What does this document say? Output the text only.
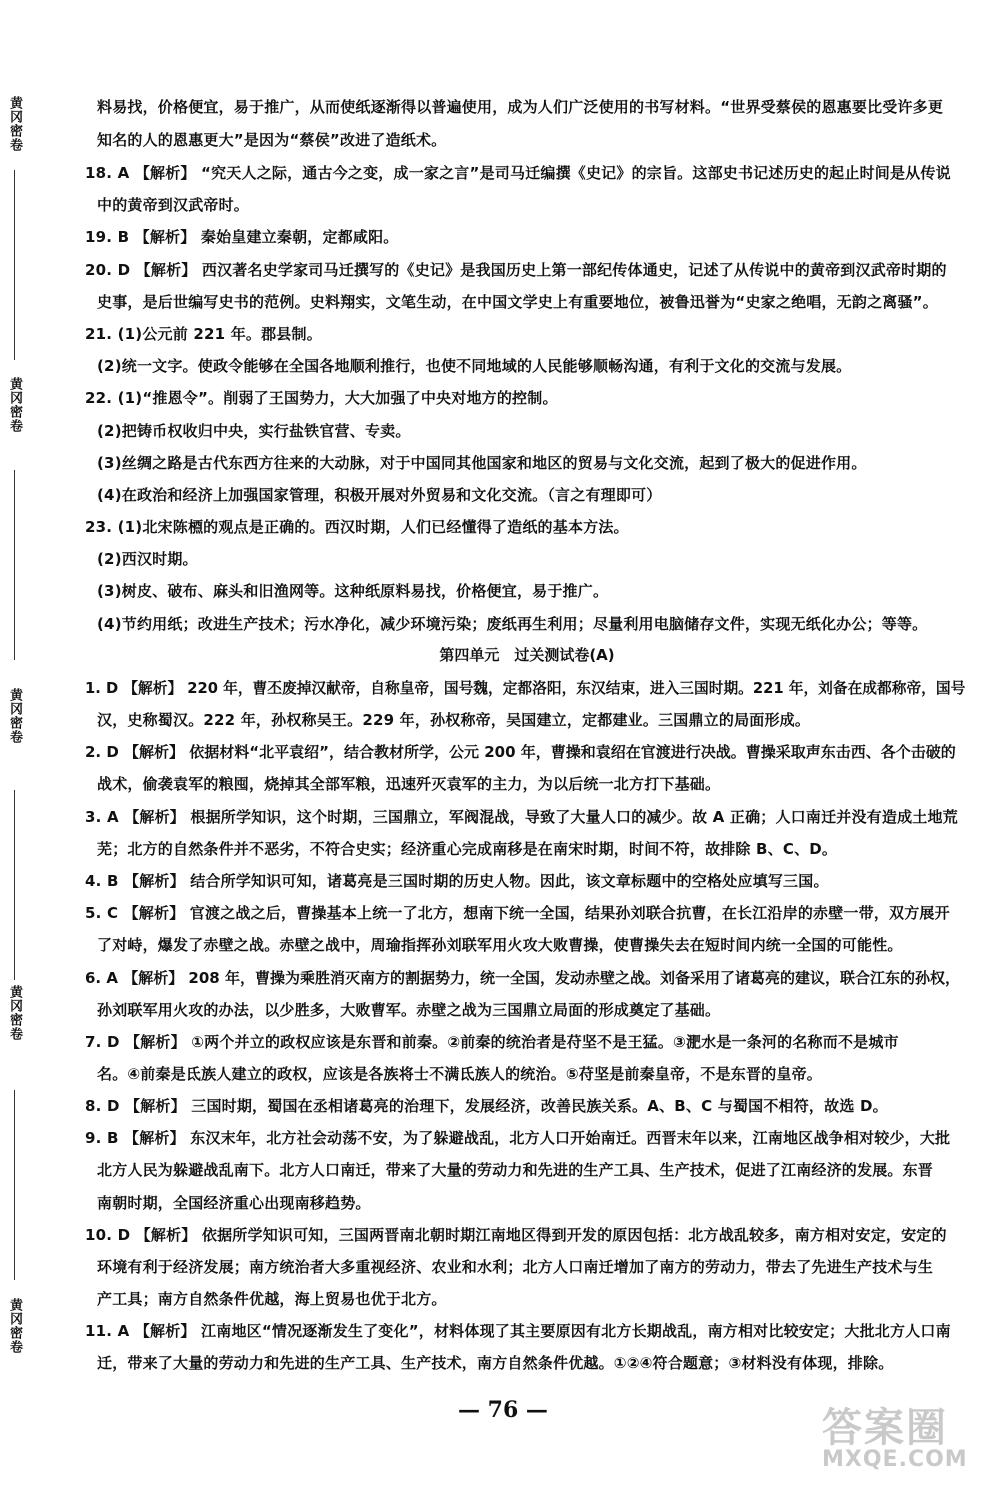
黄冈密卷
黄冈密卷
黄冈密卷
黄冈密卷
黄冈密卷
料易找，价格便宜，易于推广，从而使纸逐渐得以普遍使用，成为人们广泛使用的书写材料。“世界受蔡侯的恩惠要比受许多更
知名的人的恩惠更大”是因为“蔡侯”改进了造纸术。
18. A 【解析】 “究天人之际，通古今之变，成一家之言”是司马迁编撰《史记》的宗旨。这部史书记述历史的起止时间是从传说
中的黄帝到汉武帝时。
19. B 【解析】 秦始皇建立秦朝，定都咸阳。
20. D 【解析】 西汉著名史学家司马迁撰写的《史记》是我国历史上第一部纪传体通史，记述了从传说中的黄帝到汉武帝时期的
史事，是后世编写史书的范例。史料翔实，文笔生动，在中国文学史上有重要地位，被鲁迅誉为“史家之绝唱，无韵之离骚”。
21. (1)公元前 221 年。郡县制。
(2)统一文字。使政令能够在全国各地顺利推行，也使不同地域的人民能够顺畅沟通，有利于文化的交流与发展。
22. (1)“推恩令”。削弱了王国势力，大大加强了中央对地方的控制。
(2)把铸币权收归中央，实行盐铁官营、专卖。
(3)丝绸之路是古代东西方往来的大动脉，对于中国同其他国家和地区的贸易与文化交流，起到了极大的促进作用。
(4)在政治和经济上加强国家管理，积极开展对外贸易和文化交流。（言之有理即可）
23. (1)北宋陈槱的观点是正确的。西汉时期，人们已经懂得了造纸的基本方法。
(2)西汉时期。
(3)树皮、破布、麻头和旧渔网等。这种纸原料易找，价格便宜，易于推广。
(4)节约用纸；改进生产技术；污水净化，减少环境污染；废纸再生利用；尽量利用电脑储存文件，实现无纸化办公；等等。
第四单元　过关测试卷(A)
1. D 【解析】 220 年，曹丕废掉汉献帝，自称皇帝，国号魏，定都洛阳，东汉结束，进入三国时期。221 年，刘备在成都称帝，国号
汉，史称蜀汉。222 年，孙权称吴王。229 年，孙权称帝，吴国建立，定都建业。三国鼎立的局面形成。
2. D 【解析】 依据材料“北平袁绍”，结合教材所学，公元 200 年，曹操和袁绍在官渡进行决战。曹操采取声东击西、各个击破的
战术，偷袭袁军的粮囤，烧掉其全部军粮，迅速歼灭袁军的主力，为以后统一北方打下基础。
3. A 【解析】 根据所学知识，这个时期，三国鼎立，军阀混战，导致了大量人口的减少。故 A 正确；人口南迁并没有造成土地荒
芜；北方的自然条件并不恶劣，不符合史实；经济重心完成南移是在南宋时期，时间不符，故排除 B、C、D。
4. B 【解析】 结合所学知识可知，诸葛亮是三国时期的历史人物。因此，该文章标题中的空格处应填写三国。
5. C 【解析】 官渡之战之后，曹操基本上统一了北方，想南下统一全国，结果孙刘联合抗曹，在长江沿岸的赤壁一带，双方展开
了对峙，爆发了赤壁之战。赤壁之战中，周瑜指挥孙刘联军用火攻大败曹操，使曹操失去在短时间内统一全国的可能性。
6. A 【解析】 208 年，曹操为乘胜消灭南方的割据势力，统一全国，发动赤壁之战。刘备采用了诸葛亮的建议，联合江东的孙权，
孙刘联军用火攻的办法，以少胜多，大败曹军。赤壁之战为三国鼎立局面的形成奠定了基础。
7. D 【解析】 ①两个并立的政权应该是东晋和前秦。②前秦的统治者是苻坚不是王猛。③淝水是一条河的名称而不是城市
名。④前秦是氐族人建立的政权，应该是各族将士不满氐族人的统治。⑤苻坚是前秦皇帝，不是东晋的皇帝。
8. D 【解析】 三国时期，蜀国在丞相诸葛亮的治理下，发展经济，改善民族关系。A、B、C 与蜀国不相符，故选 D。
9. B 【解析】 东汉末年，北方社会动荡不安，为了躲避战乱，北方人口开始南迁。西晋末年以来，江南地区战争相对较少，大批
北方人民为躲避战乱南下。北方人口南迁，带来了大量的劳动力和先进的生产工具、生产技术，促进了江南经济的发展。东晋
南朝时期，全国经济重心出现南移趋势。
10. D 【解析】 依据所学知识可知，三国两晋南北朝时期江南地区得到开发的原因包括：北方战乱较多，南方相对安定，安定的
环境有利于经济发展；南方统治者大多重视经济、农业和水利；北方人口南迁增加了南方的劳动力，带去了先进生产技术与生
产工具；南方自然条件优越，海上贸易也优于北方。
11. A 【解析】 江南地区“情况逐渐发生了变化”，材料体现了其主要原因有北方长期战乱，南方相对比较安定；大批北方人口南
迁，带来了大量的劳动力和先进的生产工具、生产技术，南方自然条件优越。①②④符合题意；③材料没有体现，排除。
— 76 —	答案圈
MXQE.COM
